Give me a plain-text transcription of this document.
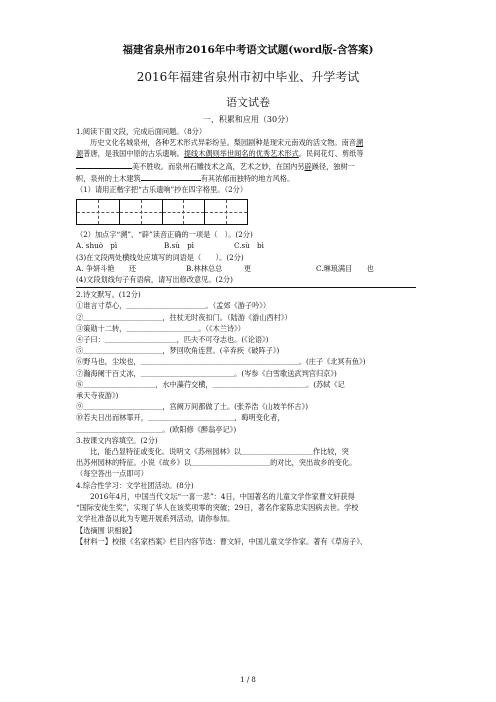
福建省泉州市2016年中考语文试题(word版-含答案)
2016年福建省泉州市初中毕业、升学考试
语文试卷
一、积累和应用（30分）
1.阅读下面文段，完成后面问题。（8分）
历史文化名城泉州，各种艺术形式异彩纷呈。梨园剧种是现宋元南戏的活文物。南音溯
源普唐，是我国中原的古乐遗响。提线木偶则举世闻名的优秀艺术形式。民间花灯、剪纸等
美不胜收。而泉州石雕技术之高，艺术之妙，在国内另辟蹊径，独树一
帜，泉州的土木建筑	有其浓郁而独特的地方风格。
（1）请用正楷字把“古乐遗响”抄在四字格里。（2分）
（2）加点字“溯”、“辟”读音正确的一项是（　）。(2分)
A. shuò　pì	B.sù　pì	C.sù　bì
(3)在文段两处横线处应填写的词语是（　　）。(2分)
A. 争妍斗艳　　还	B.林林总总　　　更	C.琳琅满目　　也
(4)文段划线句子有语病，请写出修改意见。(2分)
2.诗文默写。(12分)
①谁言寸草心，＿＿＿＿＿＿＿＿＿＿＿。（孟郊《游子吟》）
②＿＿＿＿＿＿＿＿＿＿＿，拄杖无时夜扣门。（陆游《游山西村》）
③策勋十二转，＿＿＿＿＿＿＿＿＿＿。（《木兰诗》）
④子曰：＿＿＿＿＿＿＿＿＿＿，匹夫不可夺志也。(《论语》)
⑤＿＿＿＿＿＿＿＿＿＿＿，梦回吹角连营。(辛弃疾《破阵子》)
⑥野马也，尘埃也，＿＿＿＿＿＿＿＿＿＿＿＿＿＿＿＿＿＿＿＿＿＿。(庄子《北冥有鱼》)
⑦瀚海阑干百丈冰，＿＿＿＿＿＿＿＿＿＿＿＿＿。(岑参《白雪歌送武判官归京》)
⑧＿＿＿＿＿＿＿＿＿＿，水中藻荇交横，＿＿＿＿＿＿＿＿＿＿＿＿＿。(苏轼《记
承天寺夜游》)
⑨＿＿＿＿＿＿＿＿＿＿＿，宫阙万间都做了土。(张养浩《山坡羊怀古》)
⑩若夫日出而林霏开，＿＿＿＿＿＿＿＿＿＿＿＿，晦明变化者，
＿＿＿＿＿＿＿＿＿＿＿＿。(欧阳修《醉翁亭记》)
3.按课文内容填空。(2分)
比，能凸显特征或变化。说明文《苏州园林》以＿＿＿＿＿＿＿＿＿＿作比较，突
出苏州园林的特征。小说《故乡》以＿＿＿＿＿＿＿＿＿＿＿的对比，突出故乡的变化。
（每空答出一点即可）
4.综合性学习：文学社团活动。(8分)
2016年4月，中国当代文坛“一喜一悲”：4日，中国著名的儿童文学作家曹文轩获得
“国际安徒生奖”，实现了华人在该奖项零的突破；29日，著名作家陈忠实因病去世。学校
文学社准备以此为专题开展系列活动，请你参加。
【选摘围 识相貌】
【材料一】校报《名家档案》栏目内容节选：曹文轩，中国儿童文学作家。著有《草房子》、
1 / 8
